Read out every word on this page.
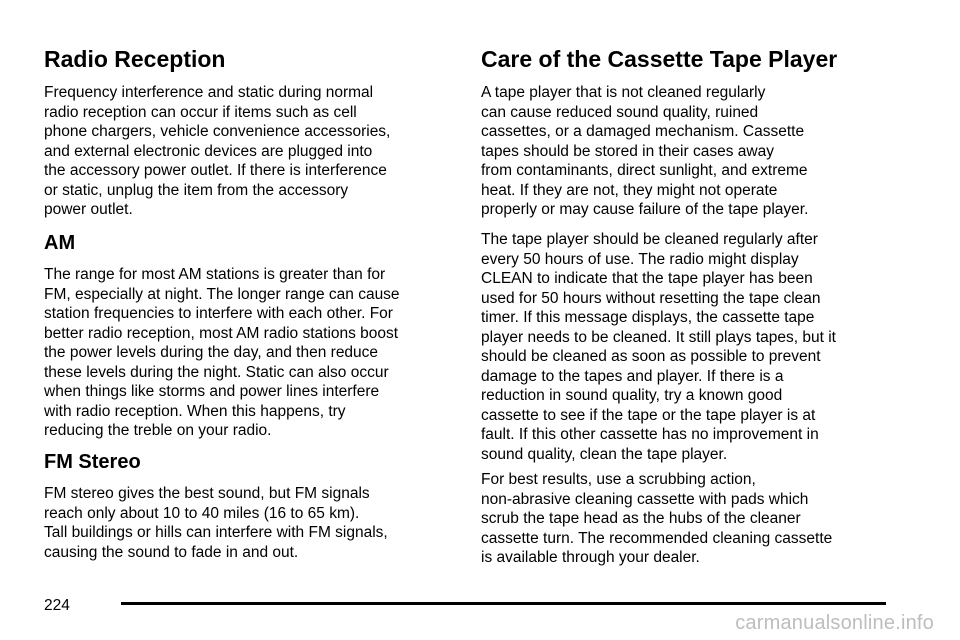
Radio Reception

Frequency interference and static during normal
radio reception can occur if items such as cell
phone chargers, vehicle convenience accessories,
and external electronic devices are plugged into
the accessory power outlet. If there is interference
or static, unplug the item from the accessory
power outlet.

AM

The range for most AM stations is greater than for
FM, especially at night. The longer range can cause
station frequencies to interfere with each other. For
better radio reception, most AM radio stations boost
the power levels during the day, and then reduce
these levels during the night. Static can also occur
when things like storms and power lines interfere
with radio reception. When this happens, try
reducing the treble on your radio.

FM Stereo

FM stereo gives the best sound, but FM signals
reach only about 10 to 40 miles (16 to 65 km).
Tall buildings or hills can interfere with FM signals,
causing the sound to fade in and out.

Care of the Cassette Tape Player

A tape player that is not cleaned regularly
can cause reduced sound quality, ruined
cassettes, or a damaged mechanism. Cassette
tapes should be stored in their cases away
from contaminants, direct sunlight, and extreme
heat. If they are not, they might not operate
properly or may cause failure of the tape player.

The tape player should be cleaned regularly after
every 50 hours of use. The radio might display
CLEAN to indicate that the tape player has been
used for 50 hours without resetting the tape clean
timer. If this message displays, the cassette tape
player needs to be cleaned. It still plays tapes, but it
should be cleaned as soon as possible to prevent
damage to the tapes and player. If there is a
reduction in sound quality, try a known good
cassette to see if the tape or the tape player is at
fault. If this other cassette has no improvement in
sound quality, clean the tape player.

For best results, use a scrubbing action,
non-abrasive cleaning cassette with pads which
scrub the tape head as the hubs of the cleaner
cassette turn. The recommended cleaning cassette
is available through your dealer.

224
carmanualsonline.info
